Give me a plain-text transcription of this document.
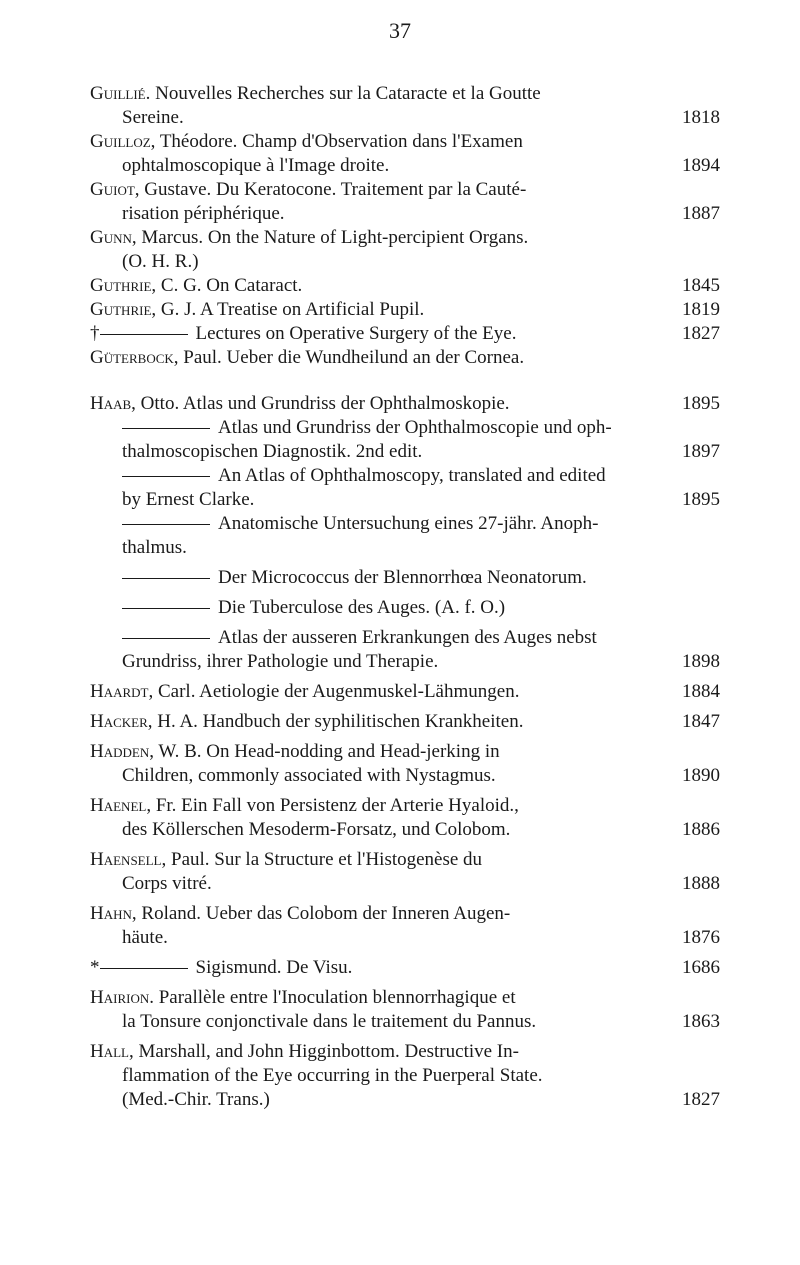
37
Guillié. Nouvelles Recherches sur la Cataracte et la Goutte
Sereine.	1818
Guilloz, Théodore. Champ d'Observation dans l'Examen
ophtalmoscopique à l'Image droite.	1894
Guiot, Gustave. Du Keratocone. Traitement par la Cauté-
risation périphérique.	1887
Gunn, Marcus. On the Nature of Light-percipient Organs.
(O. H. R.)
Guthrie, C. G. On Cataract.	1845
Guthrie, G. J. A Treatise on Artificial Pupil.	1819
†	Lectures on Operative Surgery of the Eye.	1827
Güterbock, Paul. Ueber die Wundheilund an der Cornea.
Haab, Otto. Atlas und Grundriss der Ophthalmoskopie.	1895
Atlas und Grundriss der Ophthalmoscopie und oph-
thalmoscopischen Diagnostik. 2nd edit.	1897
An Atlas of Ophthalmoscopy, translated and edited
by Ernest Clarke.	1895
Anatomische Untersuchung eines 27-jähr. Anoph-
thalmus.
Der Micrococcus der Blennorrhœa Neonatorum.
Die Tuberculose des Auges. (A. f. O.)
Atlas der ausseren Erkrankungen des Auges nebst
Grundriss, ihrer Pathologie und Therapie.	1898
Haardt, Carl. Aetiologie der Augenmuskel-Lähmungen.	1884
Hacker, H. A. Handbuch der syphilitischen Krankheiten.	1847
Hadden, W. B. On Head-nodding and Head-jerking in
Children, commonly associated with Nystagmus.	1890
Haenel, Fr. Ein Fall von Persistenz der Arterie Hyaloid.,
des Köllerschen Mesoderm-Forsatz, und Colobom.	1886
Haensell, Paul. Sur la Structure et l'Histogenèse du
Corps vitré.	1888
Hahn, Roland. Ueber das Colobom der Inneren Augen-
häute.	1876
*	Sigismund. De Visu.	1686
Hairion. Parallèle entre l'Inoculation blennorrhagique et
la Tonsure conjonctivale dans le traitement du Pannus.	1863
Hall, Marshall, and John Higginbottom. Destructive In-
flammation of the Eye occurring in the Puerperal State.
(Med.-Chir. Trans.)	1827
